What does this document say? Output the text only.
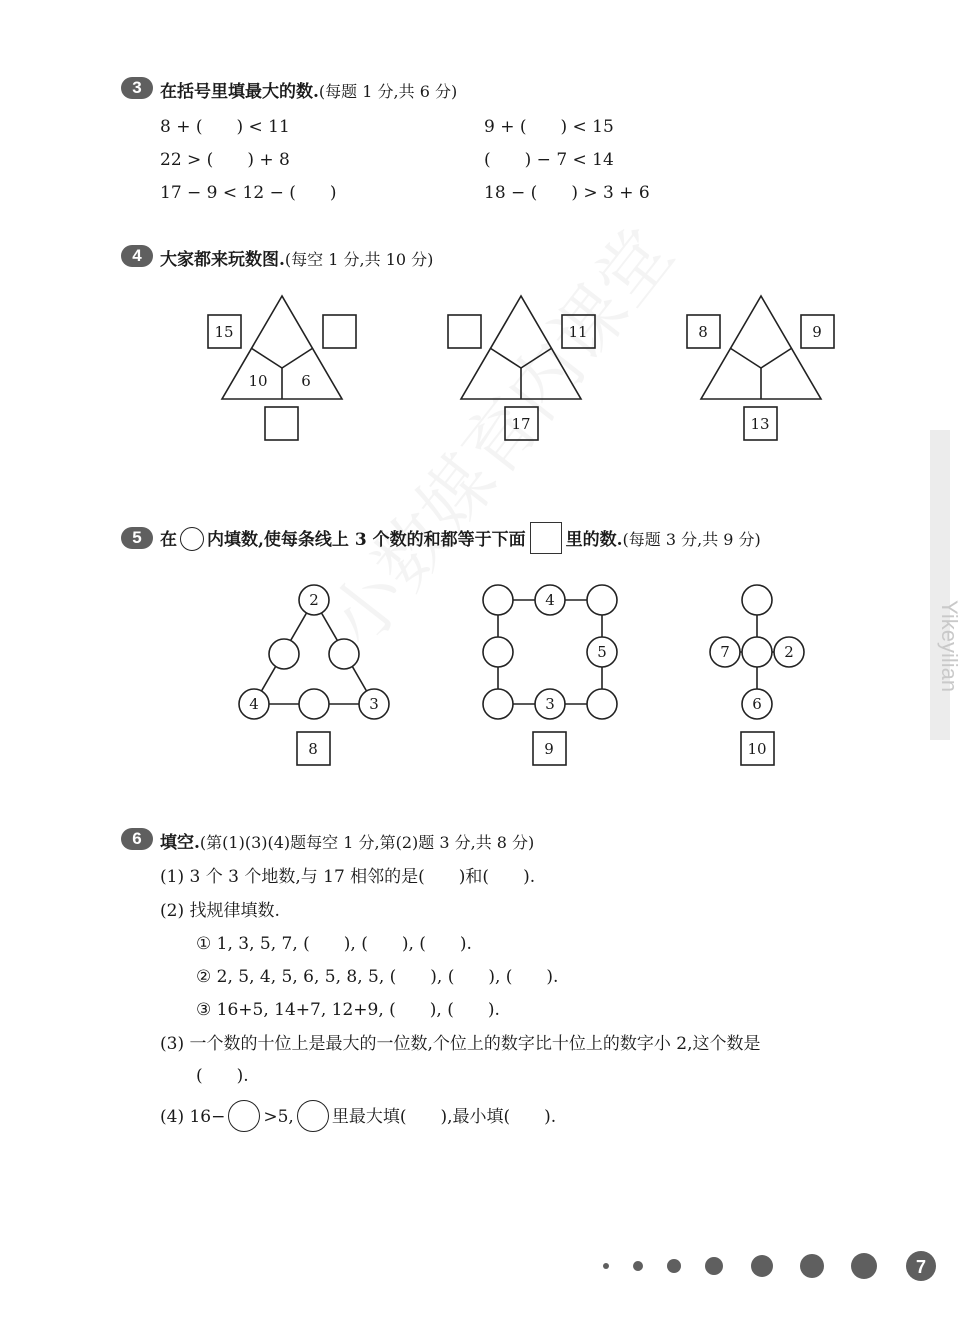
Yikeyilian
3	在括号里填最大的数.(每题 1 分,共 6 分)
8 + (　　) < 11	9 + (　　) < 15
22 > (　　) + 8	(　　) − 7 < 14
17 − 9 < 12 − (　　)	18 − (　　) > 3 + 6
4	大家都来玩数图.(每空 1 分,共 10 分)
15
10 6
11
17
8	9
13
5	在 内填数,使每条线上 3 个数的和都等于下面 里的数.(每题 3 分,共 9 分)
2
4	3
8
4
5
3
9
7	2
6
10
6	填空.(第(1)(3)(4)题每空 1 分,第(2)题 3 分,共 8 分)
(1) 3 个 3 个地数,与 17 相邻的是(　　)和(　　).
(2) 找规律填数.
① 1, 3, 5, 7, (　　), (　　), (　　).
② 2, 5, 4, 5, 6, 5, 8, 5, (　　), (　　), (　　).
③ 16+5, 14+7, 12+9, (　　), (　　).
(3) 一个数的十位上是最大的一位数,个位上的数字比十位上的数字小 2,这个数是
(　　).
(4) 16− >5, 里最大填(　　),最小填(　　).
7
